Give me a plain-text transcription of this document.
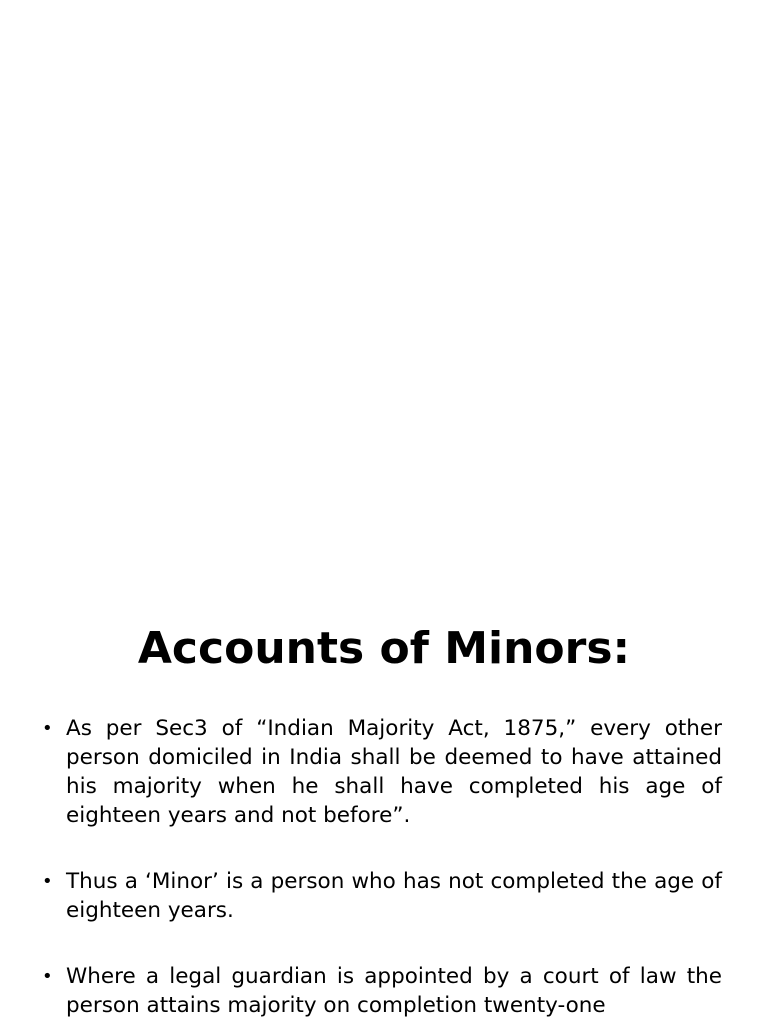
Accounts of Minors:
• As per Sec3 of “Indian Majority Act, 1875,” every other person domiciled in India shall be deemed to have attained his majority when he shall have completed his age of eighteen years and not before”.
• Thus a ‘Minor’ is a person who has not completed the age of eighteen years.
• Where a legal guardian is appointed by a court of law the person attains majority on completion twenty-one
